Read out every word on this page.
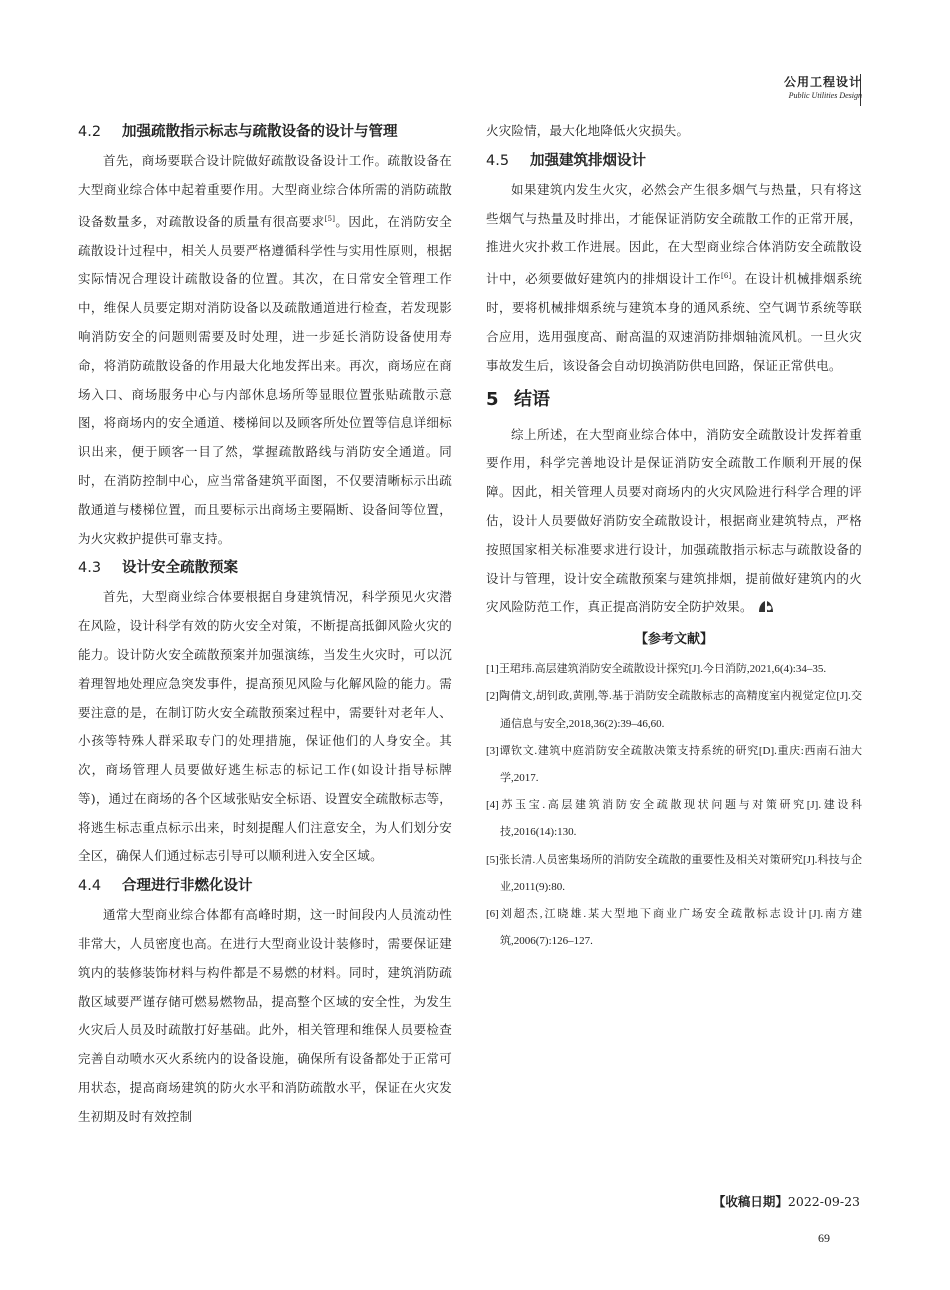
公用工程设计
Public Utilities Design
4.2 加强疏散指示标志与疏散设备的设计与管理

首先，商场要联合设计院做好疏散设备设计工作。疏散设备在大型商业综合体中起着重要作用。大型商业综合体所需的消防疏散设备数量多，对疏散设备的质量有很高要求[5]。因此，在消防安全疏散设计过程中，相关人员要严格遵循科学性与实用性原则，根据实际情况合理设计疏散设备的位置。其次，在日常安全管理工作中，维保人员要定期对消防设备以及疏散通道进行检查，若发现影响消防安全的问题则需要及时处理，进一步延长消防设备使用寿命，将消防疏散设备的作用最大化地发挥出来。再次，商场应在商场入口、商场服务中心与内部休息场所等显眼位置张贴疏散示意图，将商场内的安全通道、楼梯间以及顾客所处位置等信息详细标识出来，便于顾客一目了然，掌握疏散路线与消防安全通道。同时，在消防控制中心，应当常备建筑平面图，不仅要清晰标示出疏散通道与楼梯位置，而且要标示出商场主要隔断、设备间等位置，为火灾救护提供可靠支持。

4.3 设计安全疏散预案

首先，大型商业综合体要根据自身建筑情况，科学预见火灾潜在风险，设计科学有效的防火安全对策，不断提高抵御风险火灾的能力。设计防火安全疏散预案并加强演练，当发生火灾时，可以沉着理智地处理应急突发事件，提高预见风险与化解风险的能力。需要注意的是，在制订防火安全疏散预案过程中，需要针对老年人、小孩等特殊人群采取专门的处理措施，保证他们的人身安全。其次，商场管理人员要做好逃生标志的标记工作(如设计指导标牌等)，通过在商场的各个区域张贴安全标语、设置安全疏散标志等，将逃生标志重点标示出来，时刻提醒人们注意安全，为人们划分安全区，确保人们通过标志引导可以顺利进入安全区域。

4.4 合理进行非燃化设计

通常大型商业综合体都有高峰时期，这一时间段内人员流动性非常大，人员密度也高。在进行大型商业设计装修时，需要保证建筑内的装修装饰材料与构件都是不易燃的材料。同时，建筑消防疏散区域要严谨存储可燃易燃物品，提高整个区域的安全性，为发生火灾后人员及时疏散打好基础。此外，相关管理和维保人员要检查完善自动喷水灭火系统内的设备设施，确保所有设备都处于正常可用状态，提高商场建筑的防火水平和消防疏散水平，保证在火灾发生初期及时有效控制

火灾险情，最大化地降低火灾损失。

4.5 加强建筑排烟设计

如果建筑内发生火灾，必然会产生很多烟气与热量，只有将这些烟气与热量及时排出，才能保证消防安全疏散工作的正常开展，推进火灾扑救工作进展。因此，在大型商业综合体消防安全疏散设计中，必须要做好建筑内的排烟设计工作[6]。在设计机械排烟系统时，要将机械排烟系统与建筑本身的通风系统、空气调节系统等联合应用，选用强度高、耐高温的双速消防排烟轴流风机。一旦火灾事故发生后，该设备会自动切换消防供电回路，保证正常供电。

5 结语

综上所述，在大型商业综合体中，消防安全疏散设计发挥着重要作用，科学完善地设计是保证消防安全疏散工作顺利开展的保障。因此，相关管理人员要对商场内的火灾风险进行科学合理的评估，设计人员要做好消防安全疏散设计，根据商业建筑特点，严格按照国家相关标准要求进行设计，加强疏散指示标志与疏散设备的设计与管理，设计安全疏散预案与建筑排烟，提前做好建筑内的火灾风险防范工作，真正提高消防安全防护效果。

【参考文献】

[1]王珺玮.高层建筑消防安全疏散设计探究[J].今日消防,2021,6(4):34–35.

[2]陶倩文,胡钊政,黄刚,等.基于消防安全疏散标志的高精度室内视觉定位[J].交通信息与安全,2018,36(2):39–46,60.

[3]谭钦文.建筑中庭消防安全疏散决策支持系统的研究[D].重庆:西南石油大学,2017.

[4]苏玉宝.高层建筑消防安全疏散现状问题与对策研究[J].建设科技,2016(14):130.

[5]张长清.人员密集场所的消防安全疏散的重要性及相关对策研究[J].科技与企业,2011(9):80.

[6]刘超杰,江晓雄.某大型地下商业广场安全疏散标志设计[J].南方建筑,2006(7):126–127.

【收稿日期】2022-09-23
69
